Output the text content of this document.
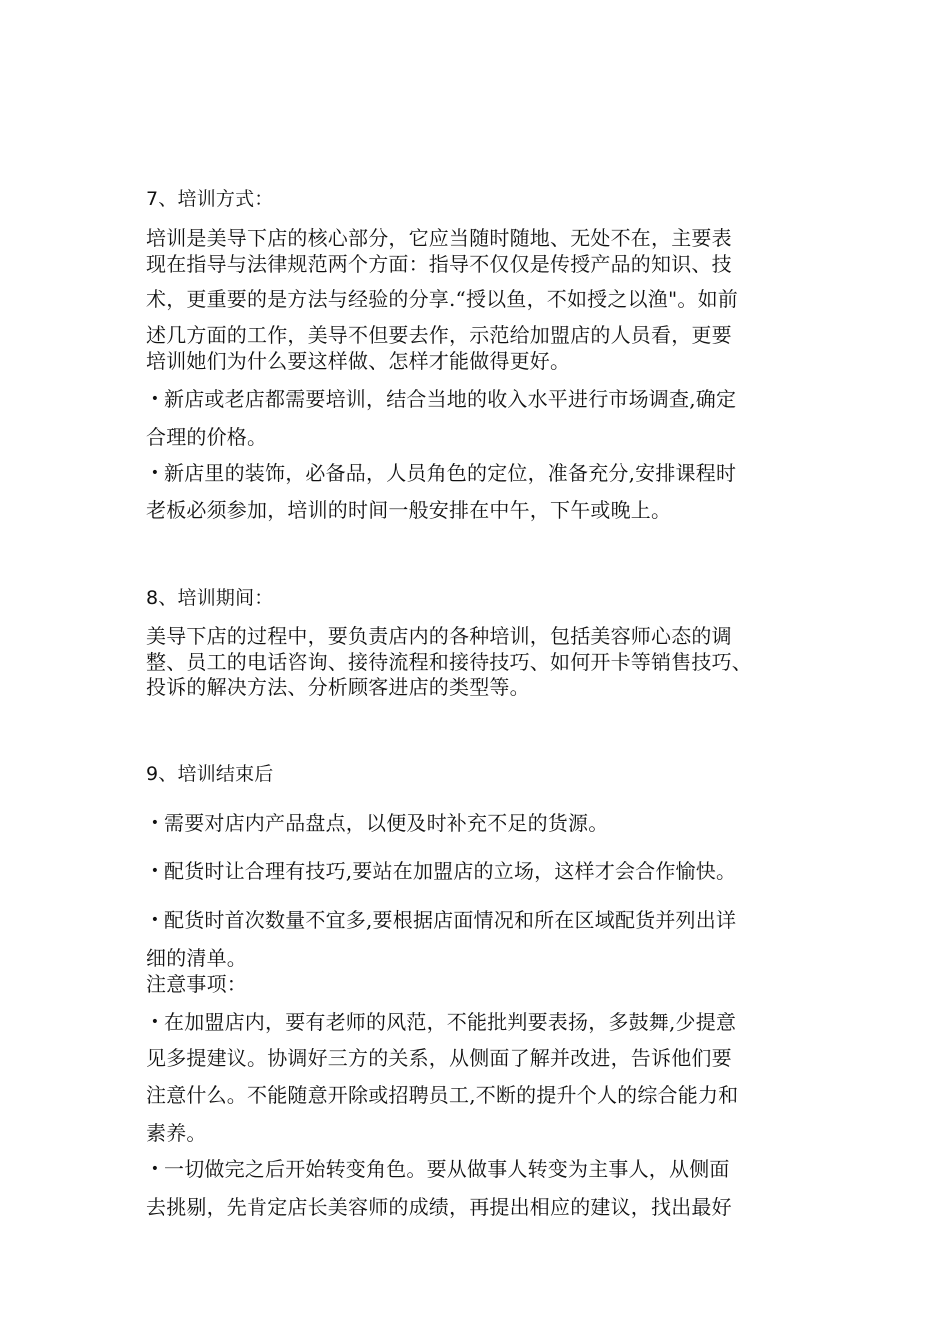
7、培训方式：
培训是美导下店的核心部分，它应当随时随地、无处不在，主要表
现在指导与法律规范两个方面：指导不仅仅是传授产品的知识、技
术，更重要的是方法与经验的分享.“授以鱼，不如授之以渔"。如前
述几方面的工作，美导不但要去作，示范给加盟店的人员看，更要
培训她们为什么要这样做、怎样才能做得更好。
• 新店或老店都需要培训，结合当地的收入水平进行市场调查,确定
合理的价格。
• 新店里的装饰，必备品，人员角色的定位，准备充分,安排课程时
老板必须参加，培训的时间一般安排在中午，下午或晚上。
8、培训期间：
美导下店的过程中，要负责店内的各种培训，包括美容师心态的调
整、员工的电话咨询、接待流程和接待技巧、如何开卡等销售技巧、
投诉的解决方法、分析顾客进店的类型等。
9、培训结束后
• 需要对店内产品盘点，以便及时补充不足的货源。
• 配货时让合理有技巧,要站在加盟店的立场，这样才会合作愉快。
• 配货时首次数量不宜多,要根据店面情况和所在区域配货并列出详
细的清单。
注意事项：
• 在加盟店内，要有老师的风范，不能批判要表扬，多鼓舞,少提意
见多提建议。协调好三方的关系，从侧面了解并改进，告诉他们要
注意什么。不能随意开除或招聘员工,不断的提升个人的综合能力和
素养。
• 一切做完之后开始转变角色。要从做事人转变为主事人，从侧面
去挑剔，先肯定店长美容师的成绩，再提出相应的建议，找出最好
